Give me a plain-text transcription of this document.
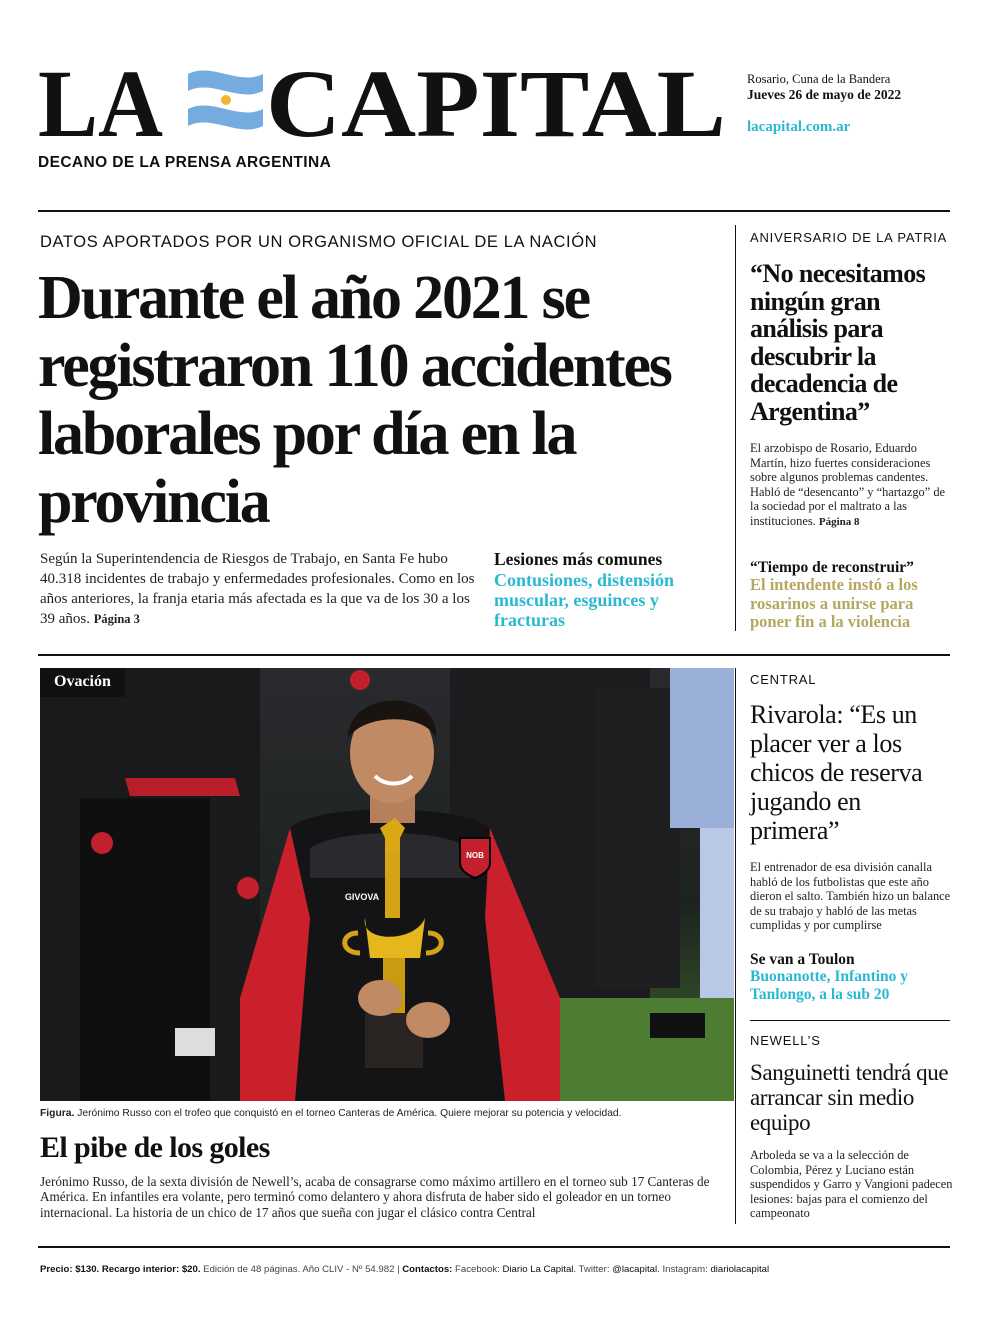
LA CAPITAL
DECANO DE LA PRENSA ARGENTINA
Rosario, Cuna de la Bandera
Jueves 26 de mayo de 2022
lacapital.com.ar
DATOS APORTADOS POR UN ORGANISMO OFICIAL DE LA NACIÓN
Durante el año 2021 se registraron 110 accidentes laborales por día en la provincia
Según la Superintendencia de Riesgos de Trabajo, en Santa Fe hubo 40.318 incidentes de trabajo y enfermedades profesionales. Como en los años anteriores, la franja etaria más afectada es la que va de los 30 a los 39 años. Página 3
Lesiones más comunes
Contusiones, distensión muscular, esguinces y fracturas
ANIVERSARIO DE LA PATRIA
“No necesitamos ningún gran análisis para descubrir la decadencia de Argentina”
El arzobispo de Rosario, Eduardo Martín, hizo fuertes consideraciones sobre algunos problemas candentes. Habló de “desencanto” y “hartazgo” de la sociedad por el maltrato a las instituciones. Página 8
“Tiempo de reconstruir”
El intendente instó a los rosarinos a unirse para poner fin a la violencia
NOB
GIVOVA
Ovación
Figura. Jerónimo Russo con el trofeo que conquistó en el torneo Canteras de América. Quiere mejorar su potencia y velocidad.
El pibe de los goles
Jerónimo Russo, de la sexta división de Newell’s, acaba de consagrarse como máximo artillero en el torneo sub 17 Canteras de América. En infantiles era volante, pero terminó como delantero y ahora disfruta de haber sido el goleador en un torneo internacional. La historia de un chico de 17 años que sueña con jugar el clásico contra Central
CENTRAL
Rivarola: “Es un placer ver a los chicos de reserva jugando en primera”
El entrenador de esa división canalla habló de los futbolistas que este año dieron el salto. También hizo un balance de su trabajo y habló de las metas cumplidas y por cumplirse
Se van a Toulon
Buonanotte, Infantino y Tanlongo, a la sub 20
NEWELL’S
Sanguinetti tendrá que arrancar sin medio equipo
Arboleda se va a la selección de Colombia, Pérez y Luciano están suspendidos y Garro y Vangioni padecen lesiones: bajas para el comienzo del campeonato
Precio: $130. Recargo interior: $20. Edición de 48 páginas. Año CLIV - Nº 54.982 | Contactos: Facebook: Diario La Capital. Twitter: @lacapital. Instagram: diariolacapital
